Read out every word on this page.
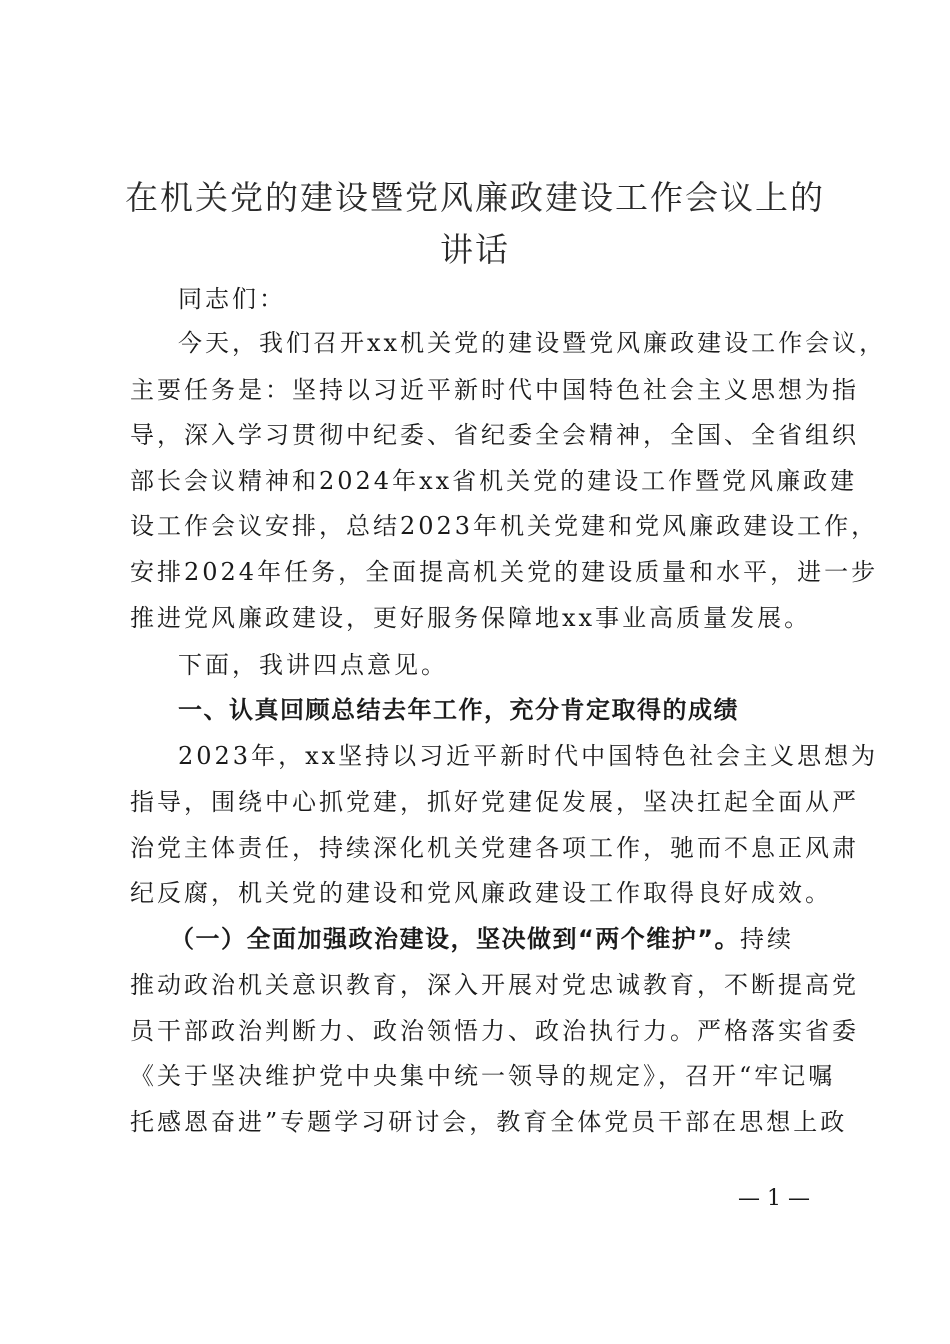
在机关党的建设暨党风廉政建设工作会议上的
讲话
同志们：
今天，我们召开xx机关党的建设暨党风廉政建设工作会议，
主要任务是：坚持以习近平新时代中国特色社会主义思想为指
导，深入学习贯彻中纪委、省纪委全会精神，全国、全省组织
部长会议精神和2024年xx省机关党的建设工作暨党风廉政建
设工作会议安排，总结2023年机关党建和党风廉政建设工作，
安排2024年任务，全面提高机关党的建设质量和水平，进一步
推进党风廉政建设，更好服务保障地xx事业高质量发展。
下面，我讲四点意见。
一、认真回顾总结去年工作，充分肯定取得的成绩
2023年，xx坚持以习近平新时代中国特色社会主义思想为
指导，围绕中心抓党建，抓好党建促发展，坚决扛起全面从严
治党主体责任，持续深化机关党建各项工作，驰而不息正风肃
纪反腐，机关党的建设和党风廉政建设工作取得良好成效。
（一）全面加强政治建设，坚决做到“两个维护”。持续
推动政治机关意识教育，深入开展对党忠诚教育，不断提高党
员干部政治判断力、政治领悟力、政治执行力。严格落实省委
《关于坚决维护党中央集中统一领导的规定》，召开“牢记嘱
托感恩奋进”专题学习研讨会，教育全体党员干部在思想上政
— 1 —
